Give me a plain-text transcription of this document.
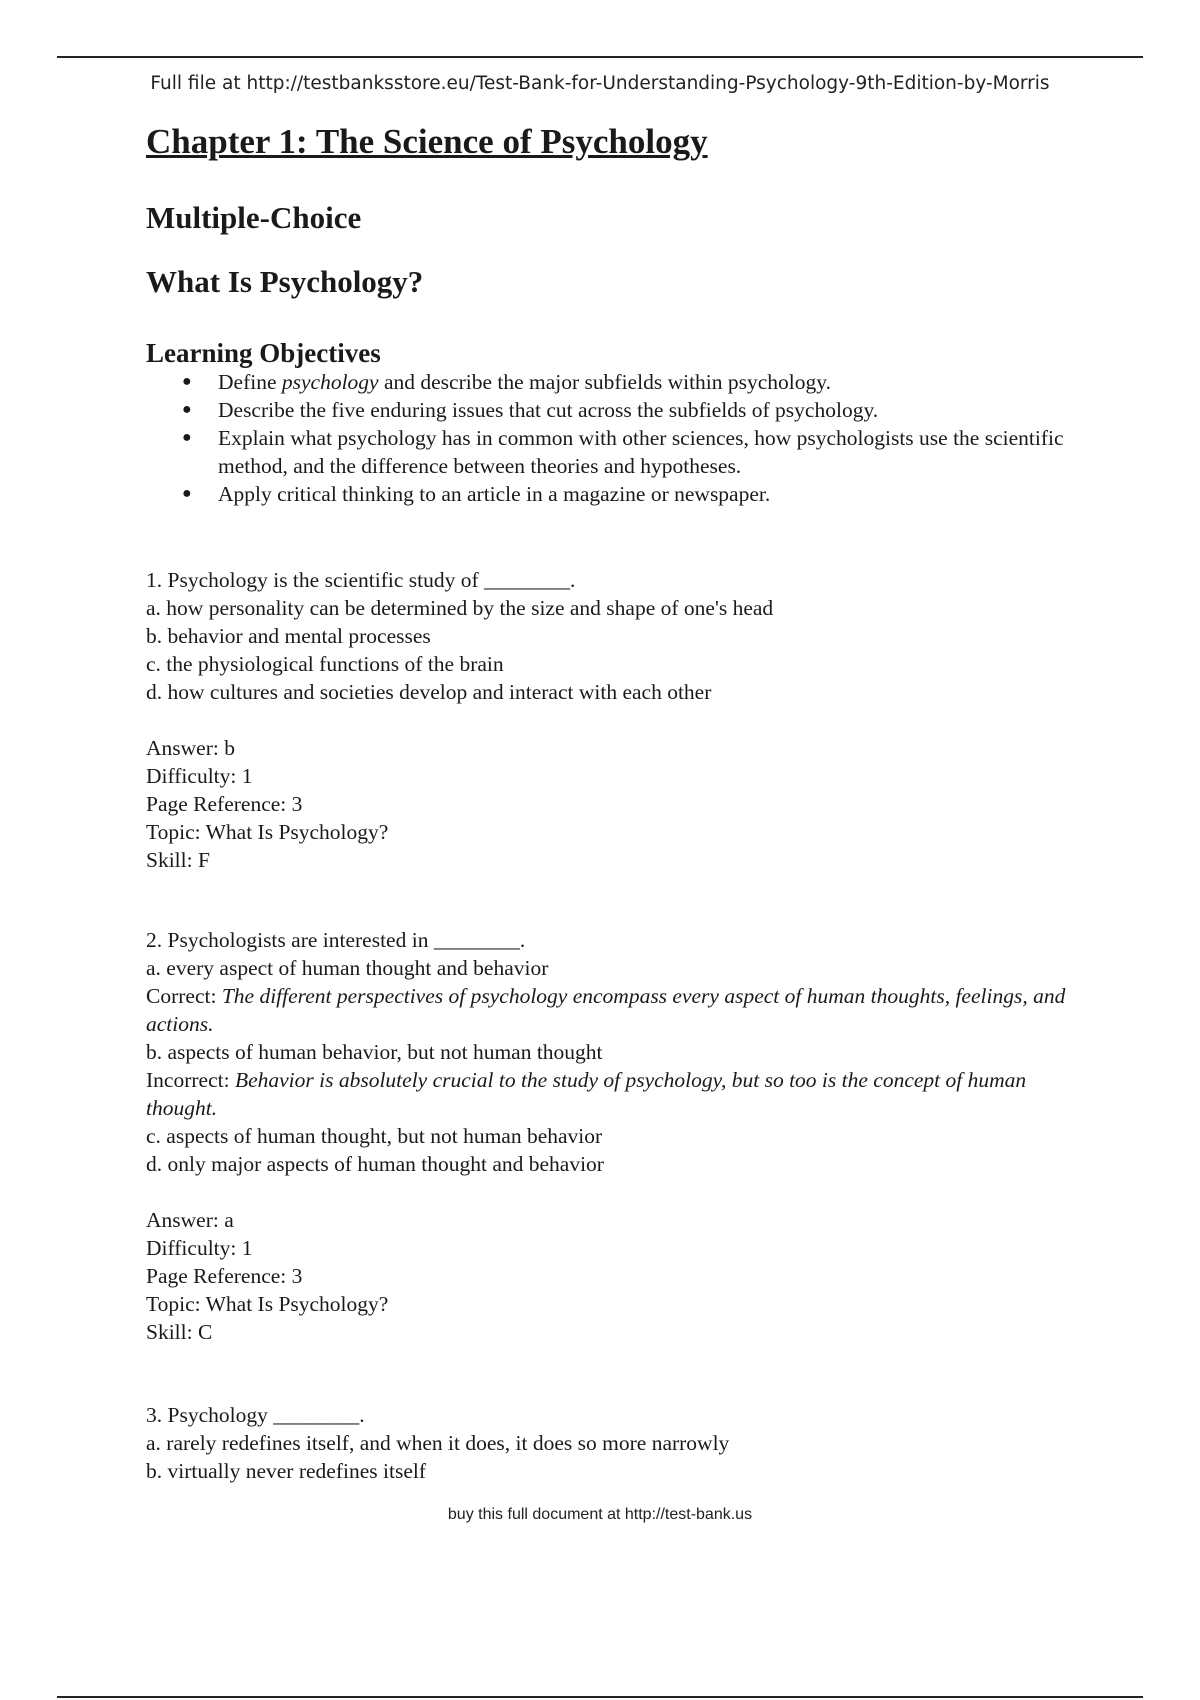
Full file at http://testbanksstore.eu/Test-Bank-for-Understanding-Psychology-9th-Edition-by-Morris
Chapter 1: The Science of Psychology
Multiple-Choice
What Is Psychology?
Learning Objectives
● Define psychology and describe the major subfields within psychology.
● Describe the five enduring issues that cut across the subfields of psychology.
● Explain what psychology has in common with other sciences, how psychologists use the scientific method, and the difference between theories and hypotheses.
● Apply critical thinking to an article in a magazine or newspaper.
1. Psychology is the scientific study of ________.
a. how personality can be determined by the size and shape of one's head
b. behavior and mental processes
c. the physiological functions of the brain
d. how cultures and societies develop and interact with each other
Answer: b
Difficulty: 1
Page Reference: 3
Topic: What Is Psychology?
Skill: F
2. Psychologists are interested in ________.
a. every aspect of human thought and behavior
Correct: The different perspectives of psychology encompass every aspect of human thoughts, feelings, and actions.
b. aspects of human behavior, but not human thought
Incorrect: Behavior is absolutely crucial to the study of psychology, but so too is the concept of human thought.
c. aspects of human thought, but not human behavior
d. only major aspects of human thought and behavior
Answer: a
Difficulty: 1
Page Reference: 3
Topic: What Is Psychology?
Skill: C
3. Psychology ________.
a. rarely redefines itself, and when it does, it does so more narrowly
b. virtually never redefines itself
buy this full document at http://test-bank.us
